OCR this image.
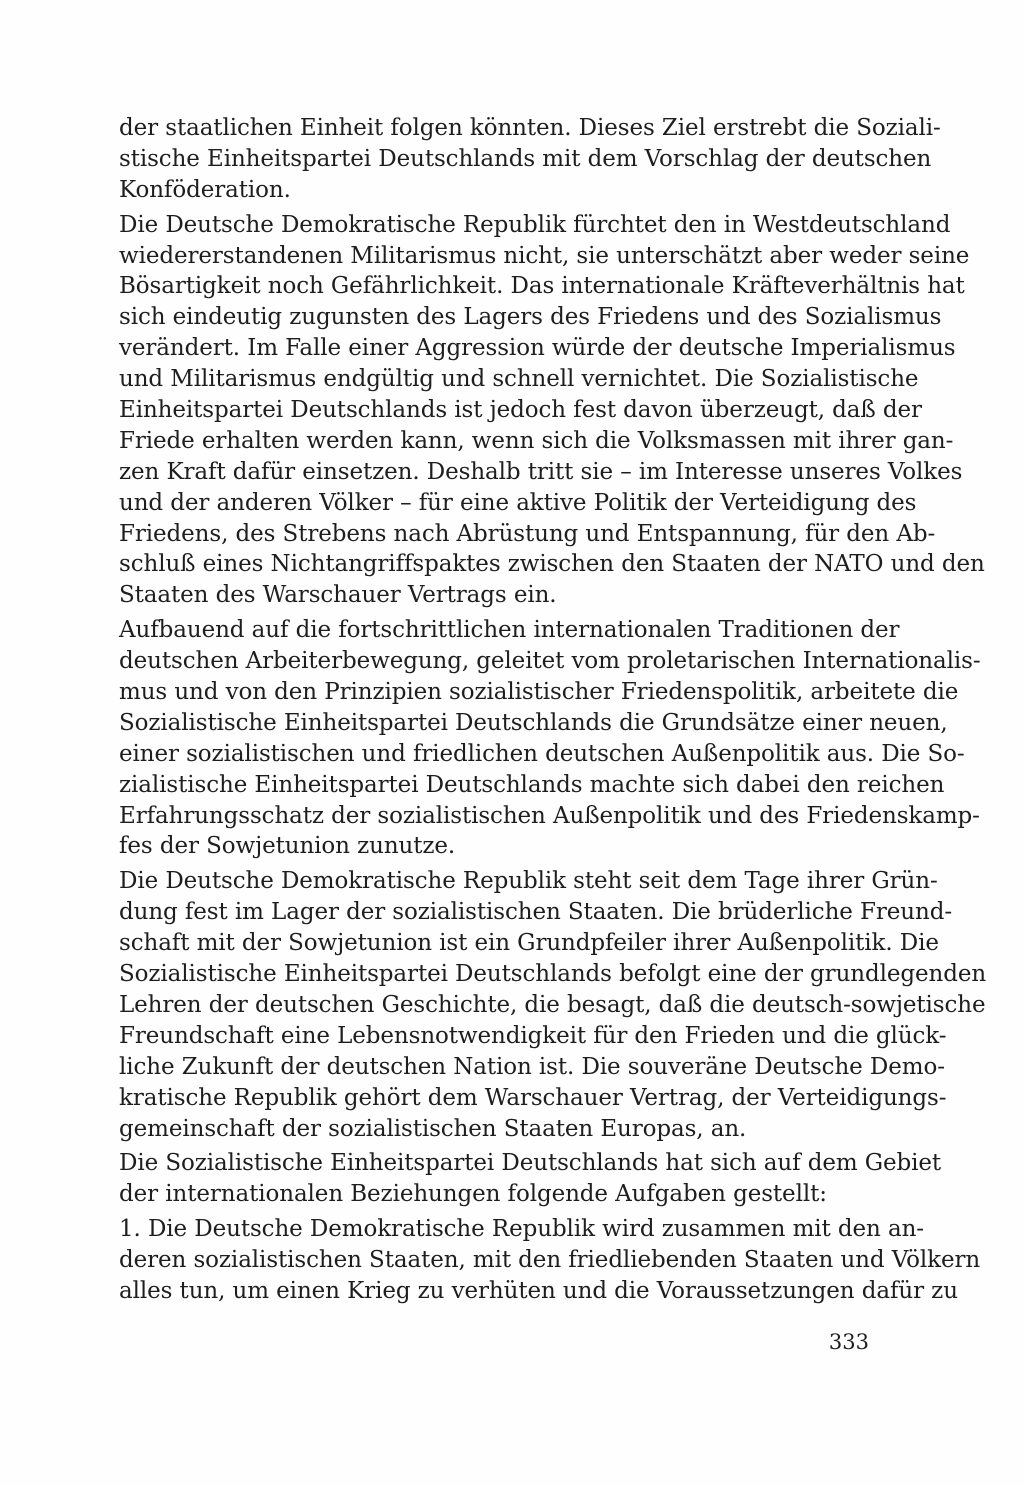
der staatlichen Einheit folgen könnten. Dieses Ziel erstrebt die Soziali-
stische Einheitspartei Deutschlands mit dem Vorschlag der deutschen
Konföderation.
Die Deutsche Demokratische Republik fürchtet den in Westdeutschland
wiedererstandenen Militarismus nicht, sie unterschätzt aber weder seine
Bösartigkeit noch Gefährlichkeit. Das internationale Kräfteverhältnis hat
sich eindeutig zugunsten des Lagers des Friedens und des Sozialismus
verändert. Im Falle einer Aggression würde der deutsche Imperialismus
und Militarismus endgültig und schnell vernichtet. Die Sozialistische
Einheitspartei Deutschlands ist jedoch fest davon überzeugt, daß der
Friede erhalten werden kann, wenn sich die Volksmassen mit ihrer gan-
zen Kraft dafür einsetzen. Deshalb tritt sie – im Interesse unseres Volkes
und der anderen Völker – für eine aktive Politik der Verteidigung des
Friedens, des Strebens nach Abrüstung und Entspannung, für den Ab-
schluß eines Nichtangriffspaktes zwischen den Staaten der NATO und den
Staaten des Warschauer Vertrags ein.
Aufbauend auf die fortschrittlichen internationalen Traditionen der
deutschen Arbeiterbewegung, geleitet vom proletarischen Internationalis-
mus und von den Prinzipien sozialistischer Friedenspolitik, arbeitete die
Sozialistische Einheitspartei Deutschlands die Grundsätze einer neuen,
einer sozialistischen und friedlichen deutschen Außenpolitik aus. Die So-
zialistische Einheitspartei Deutschlands machte sich dabei den reichen
Erfahrungsschatz der sozialistischen Außenpolitik und des Friedenskamp-
fes der Sowjetunion zunutze.
Die Deutsche Demokratische Republik steht seit dem Tage ihrer Grün-
dung fest im Lager der sozialistischen Staaten. Die brüderliche Freund-
schaft mit der Sowjetunion ist ein Grundpfeiler ihrer Außenpolitik. Die
Sozialistische Einheitspartei Deutschlands befolgt eine der grundlegenden
Lehren der deutschen Geschichte, die besagt, daß die deutsch-sowjetische
Freundschaft eine Lebensnotwendigkeit für den Frieden und die glück-
liche Zukunft der deutschen Nation ist. Die souveräne Deutsche Demo-
kratische Republik gehört dem Warschauer Vertrag, der Verteidigungs-
gemeinschaft der sozialistischen Staaten Europas, an.
Die Sozialistische Einheitspartei Deutschlands hat sich auf dem Gebiet
der internationalen Beziehungen folgende Aufgaben gestellt:
1. Die Deutsche Demokratische Republik wird zusammen mit den an-
deren sozialistischen Staaten, mit den friedliebenden Staaten und Völkern
alles tun, um einen Krieg zu verhüten und die Voraussetzungen dafür zu
333
